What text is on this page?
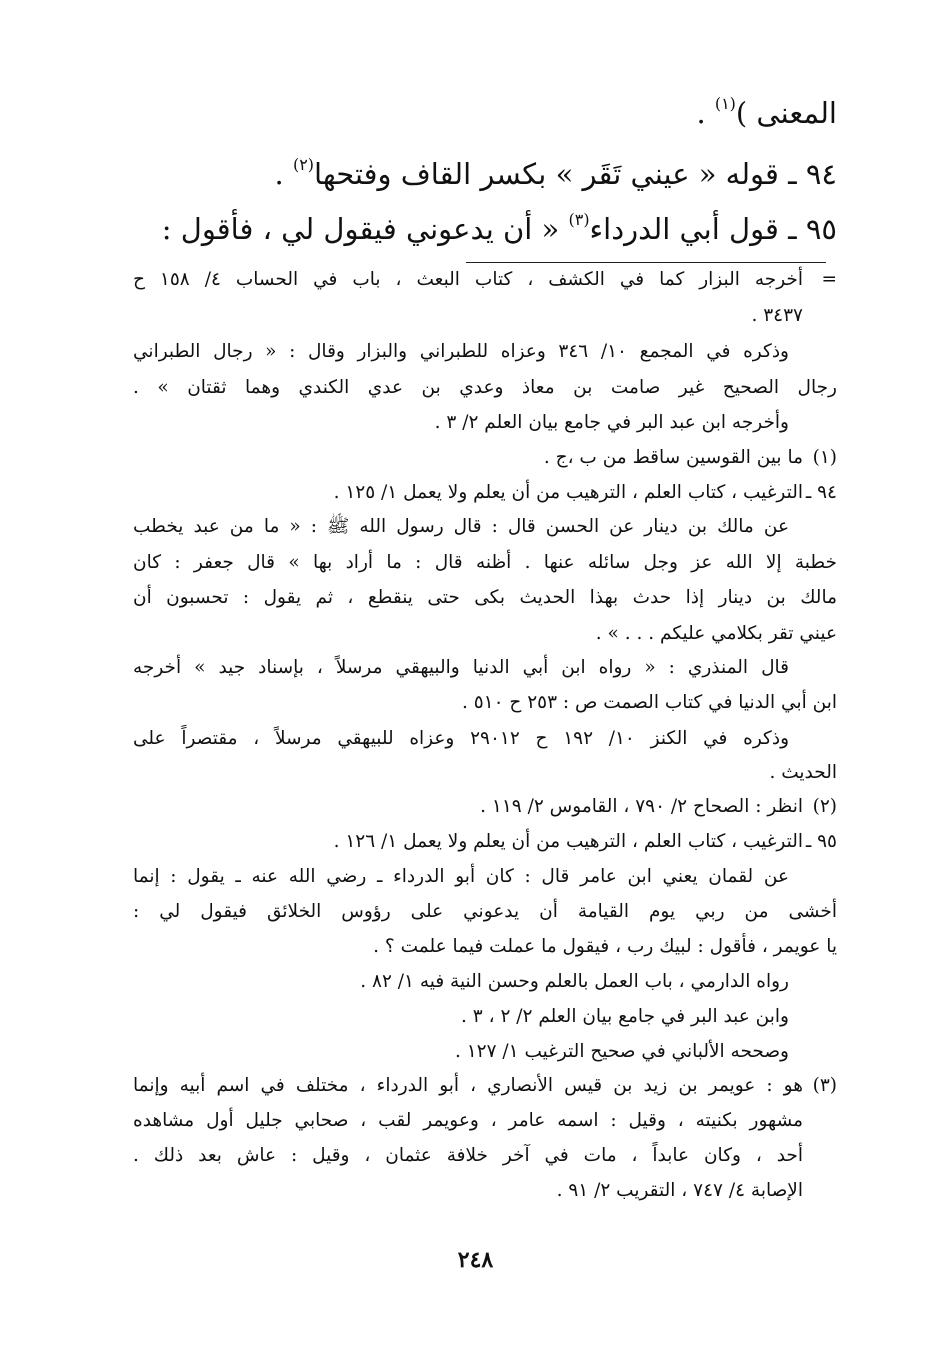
المعنى )$^{(١)}$ .
٩٤ ـ قوله « عيني تَقَر » بكسر القاف وفتحها$^{(٢)}$ .
٩٥ ـ قول أبي الدرداء$^{(٣)}$ « أن يدعوني فيقول لي ، فأقول :
=
أخرجه البزار كما في الكشف ، كتاب البعث ، باب في الحساب ٤/ ١٥٨ ح
٣٤٣٧ .
وذكره في المجمع ١٠/ ٣٤٦ وعزاه للطبراني والبزار وقال : « رجال الطبراني
رجال الصحيح غير صامت بن معاذ وعدي بن عدي الكندي وهما ثقتان » .
وأخرجه ابن عبد البر في جامع بيان العلم ٢/ ٣ .
(١)
ما بين القوسين ساقط من ب ،ج .
٩٤ ـ
الترغيب ، كتاب العلم ، الترهيب من أن يعلم ولا يعمل ١/ ١٢٥ .
عن مالك بن دينار عن الحسن قال : قال رسول الله ﷺ : « ما من عبد يخطب
خطبة إلا الله عز وجل سائله عنها . أظنه قال : ما أراد بها » قال جعفر : كان
مالك بن دينار إذا حدث بهذا الحديث بكى حتى ينقطع ، ثم يقول : تحسبون أن
عيني تقر بكلامي عليكم . . . » .
قال المنذري : « رواه ابن أبي الدنيا والبيهقي مرسلاً ، بإسناد جيد » أخرجه
ابن أبي الدنيا في كتاب الصمت ص : ٢٥٣ ح ٥١٠ .
وذكره في الكنز ١٠/ ١٩٢ ح ٢٩٠١٢ وعزاه للبيهقي مرسلاً ، مقتصراً على
الحديث .
(٢)
انظر : الصحاح ٢/ ٧٩٠ ، القاموس ٢/ ١١٩ .
٩٥ ـ
الترغيب ، كتاب العلم ، الترهيب من أن يعلم ولا يعمل ١/ ١٢٦ .
عن لقمان يعني ابن عامر قال : كان أبو الدرداء ـ رضي الله عنه ـ يقول : إنما
أخشى من ربي يوم القيامة أن يدعوني على رؤوس الخلائق فيقول لي :
يا عويمر ، فأقول : لبيك رب ، فيقول ما عملت فيما علمت ؟ .
رواه الدارمي ، باب العمل بالعلم وحسن النية فيه ١/ ٨٢ .
وابن عبد البر في جامع بيان العلم ٢/ ٢ ، ٣ .
وصححه الألباني في صحيح الترغيب ١/ ١٢٧ .
(٣)
هو : عويمر بن زيد بن قيس الأنصاري ، أبو الدرداء ، مختلف في اسم أبيه وإنما
مشهور بكنيته ، وقيل : اسمه عامر ، وعويمر لقب ، صحابي جليل أول مشاهده
أحد ، وكان عابداً ، مات في آخر خلافة عثمان ، وقيل : عاش بعد ذلك .
الإصابة ٤/ ٧٤٧ ، التقريب ٢/ ٩١ .
٢٤٨
